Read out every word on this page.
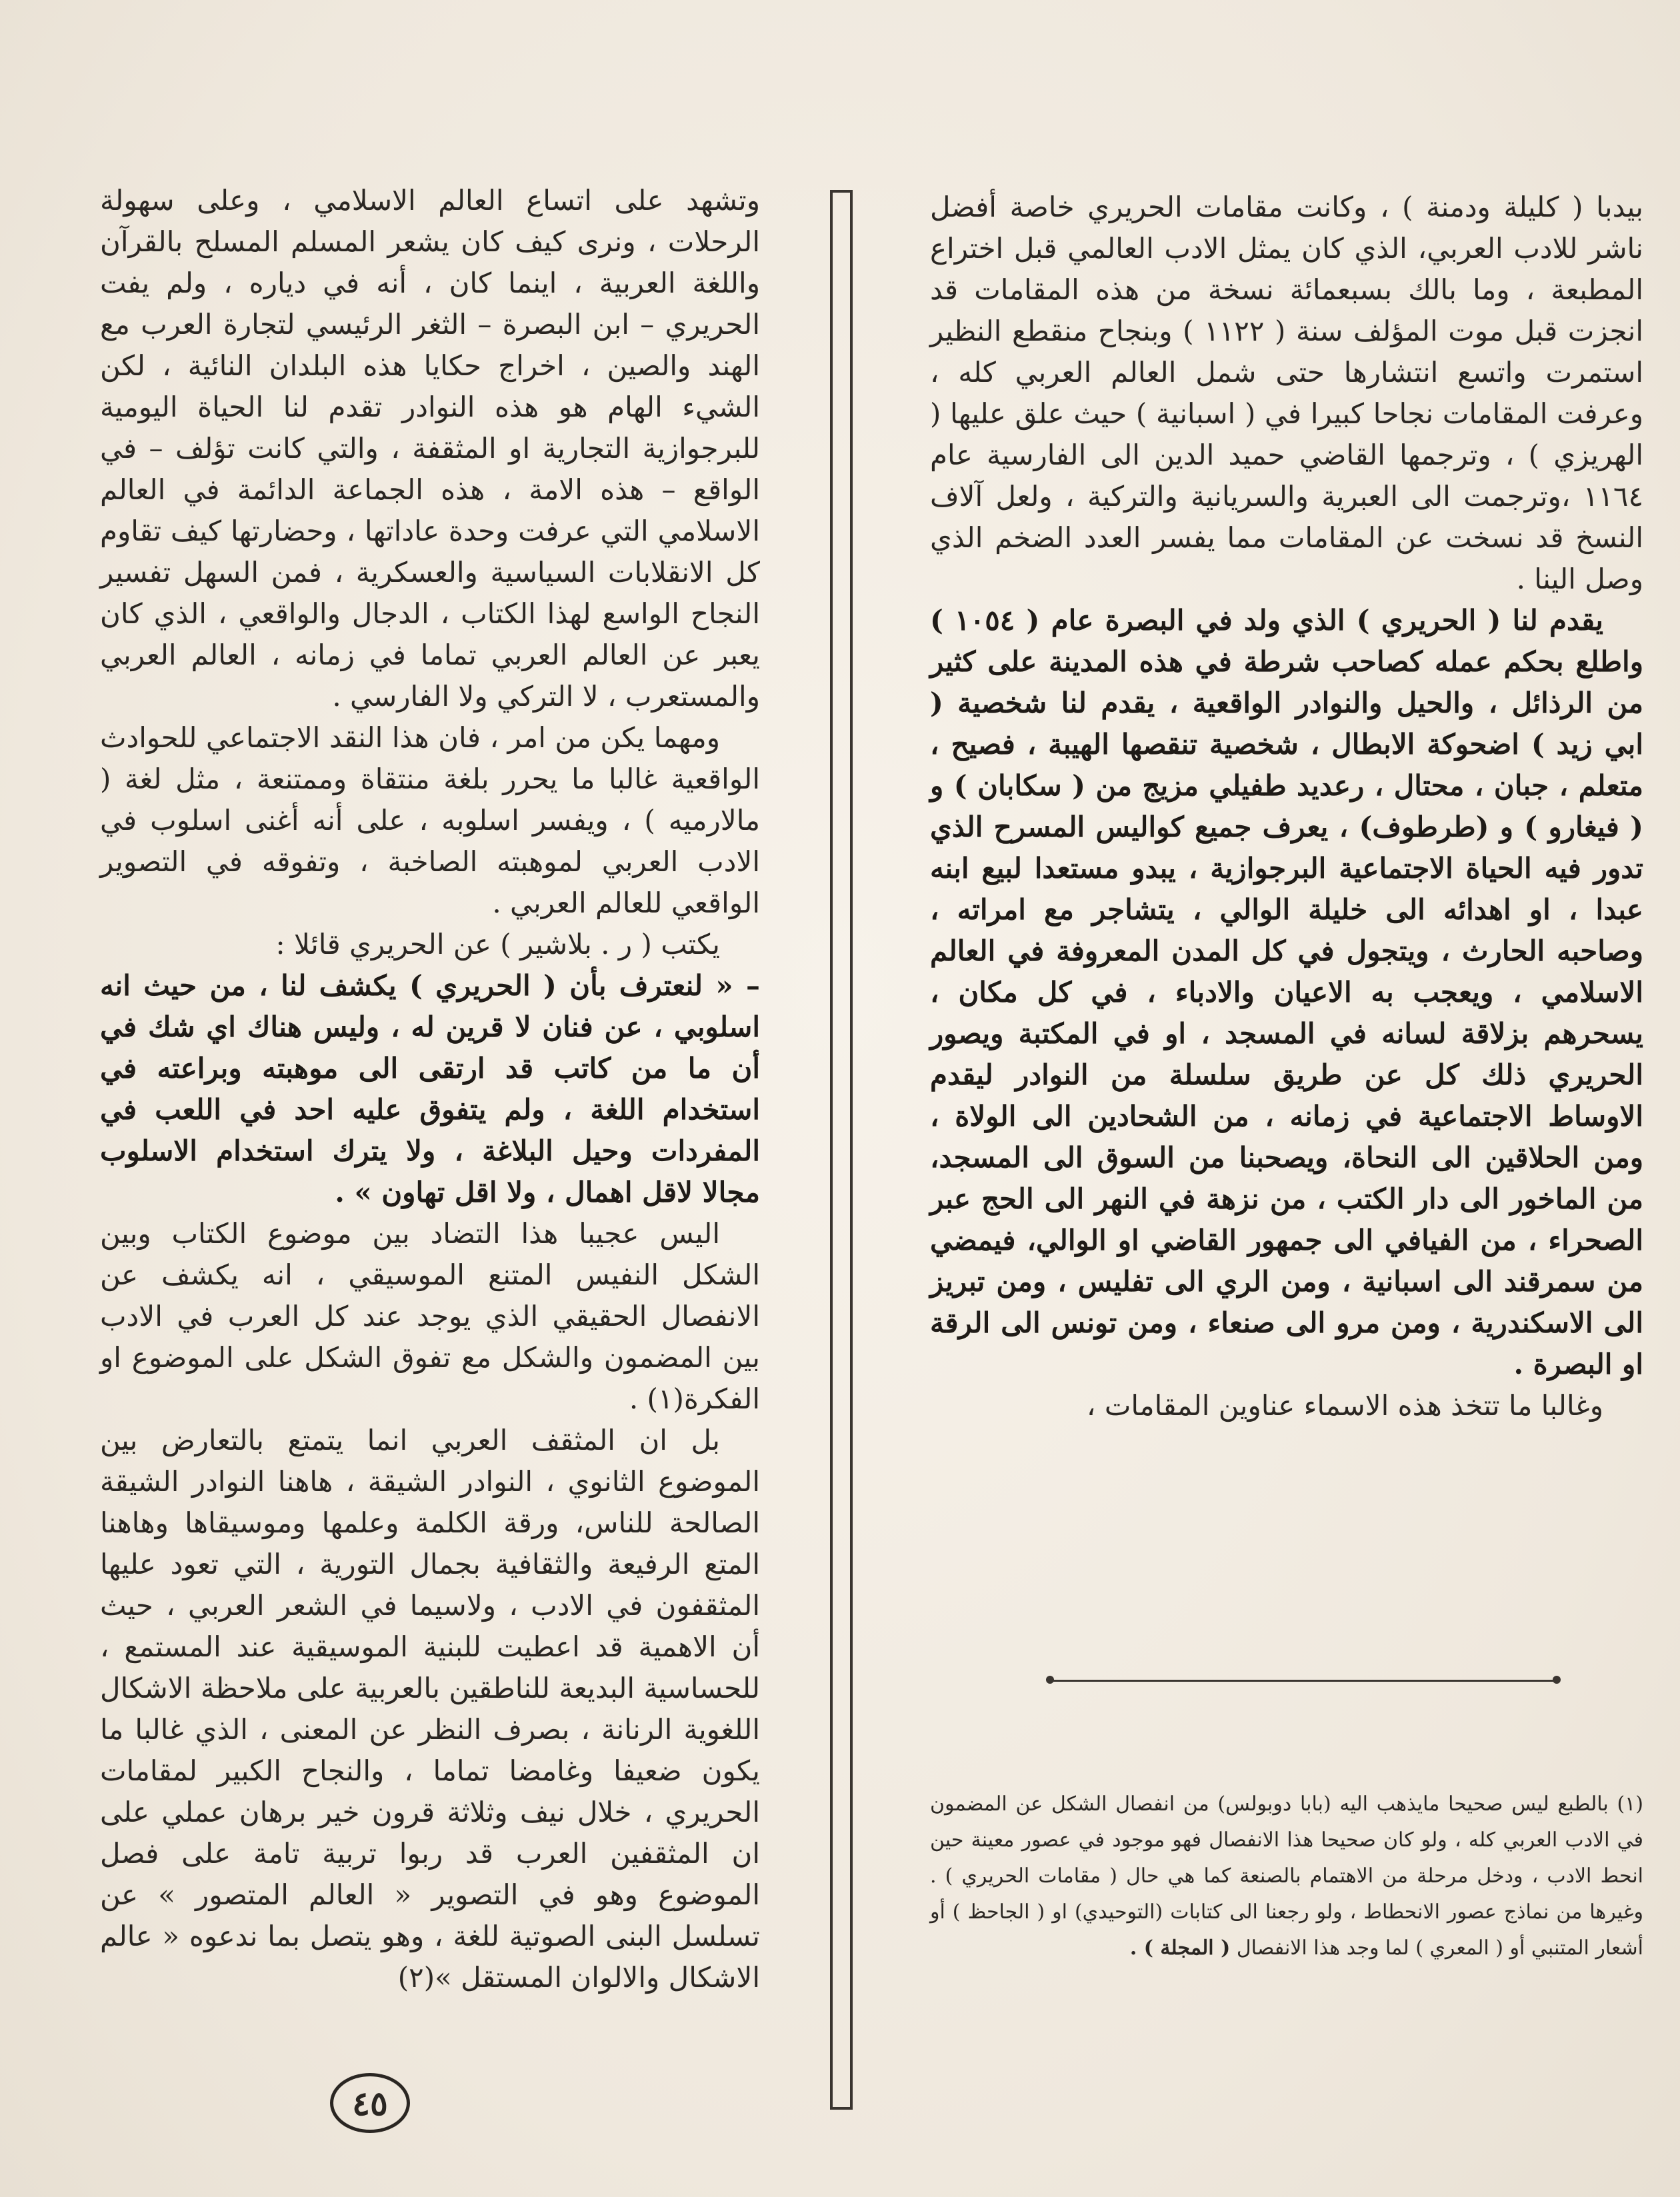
بيدبا ( كليلة ودمنة ) ، وكانت مقامات الحريري خاصة أفضل ناشر للادب العربي، الذي كان يمثل الادب العالمي قبل اختراع المطبعة ، وما بالك بسبعمائة نسخة من هذه المقامات قد انجزت قبل موت المؤلف سنة ( ١١٢٢ ) وبنجاح منقطع النظير استمرت واتسع انتشارها حتى شمل العالم العربي كله ، وعرفت المقامات نجاحا كبيرا في ( اسبانية ) حيث علق عليها ( الهريزي ) ، وترجمها القاضي حميد الدين الى الفارسية عام ١١٦٤ ،وترجمت الى العبرية والسريانية والتركية ، ولعل آلاف النسخ قد نسخت عن المقامات مما يفسر العدد الضخم الذي وصل الينا .

يقدم لنا ( الحريري ) الذي ولد في البصرة عام ( ١٠٥٤ ) واطلع بحكم عمله كصاحب شرطة في هذه المدينة على كثير من الرذائل ، والحيل والنوادر الواقعية ، يقدم لنا شخصية ( ابي زيد ) اضحوكة الابطال ، شخصية تنقصها الهيبة ، فصيح ، متعلم ، جبان ، محتال ، رعديد طفيلي مزيج من ( سكابان ) و ( فيغارو ) و (طرطوف) ، يعرف جميع كواليس المسرح الذي تدور فيه الحياة الاجتماعية البرجوازية ، يبدو مستعدا لبيع ابنه عبدا ، او اهدائه الى خليلة الوالي ، يتشاجر مع امراته ، وصاحبه الحارث ، ويتجول في كل المدن المعروفة في العالم الاسلامي ، ويعجب به الاعيان والادباء ، في كل مكان ، يسحرهم بزلاقة لسانه في المسجد ، او في المكتبة ويصور الحريري ذلك كل عن طريق سلسلة من النوادر ليقدم الاوساط الاجتماعية في زمانه ، من الشحادين الى الولاة ، ومن الحلاقين الى النحاة، ويصحبنا من السوق الى المسجد، من الماخور الى دار الكتب ، من نزهة في النهر الى الحج عبر الصحراء ، من الفيافي الى جمهور القاضي او الوالي، فيمضي من سمرقند الى اسبانية ، ومن الري الى تفليس ، ومن تبريز الى الاسكندرية ، ومن مرو الى صنعاء ، ومن تونس الى الرقة او البصرة .

وغالبا ما تتخذ هذه الاسماء عناوين المقامات ،

وتشهد على اتساع العالم الاسلامي ، وعلى سهولة الرحلات ، ونرى كيف كان يشعر المسلم المسلح بالقرآن واللغة العربية ، اينما كان ، أنه في دياره ، ولم يفت الحريري – ابن البصرة – الثغر الرئيسي لتجارة العرب مع الهند والصين ، اخراج حكايا هذه البلدان النائية ، لكن الشيء الهام هو هذه النوادر تقدم لنا الحياة اليومية للبرجوازية التجارية او المثقفة ، والتي كانت تؤلف – في الواقع – هذه الامة ، هذه الجماعة الدائمة في العالم الاسلامي التي عرفت وحدة عاداتها ، وحضارتها كيف تقاوم كل الانقلابات السياسية والعسكرية ، فمن السهل تفسير النجاح الواسع لهذا الكتاب ، الدجال والواقعي ، الذي كان يعبر عن العالم العربي تماما في زمانه ، العالم العربي والمستعرب ، لا التركي ولا الفارسي .

ومهما يكن من امر ، فان هذا النقد الاجتماعي للحوادث الواقعية غالبا ما يحرر بلغة منتقاة وممتنعة ، مثل لغة ( مالارميه ) ، ويفسر اسلوبه ، على أنه أغنى اسلوب في الادب العربي لموهبته الصاخبة ، وتفوقه في التصوير الواقعي للعالم العربي .

يكتب ( ر . بلاشير ) عن الحريري قائلا :

– « لنعترف بأن ( الحريري ) يكشف لنا ، من حيث انه اسلوبي ، عن فنان لا قرين له ، وليس هناك اي شك في أن ما من كاتب قد ارتقى الى موهبته وبراعته في استخدام اللغة ، ولم يتفوق عليه احد في اللعب في المفردات وحيل البلاغة ، ولا يترك استخدام الاسلوب مجالا لاقل اهمال ، ولا اقل تهاون » .

اليس عجيبا هذا التضاد بين موضوع الكتاب وبين الشكل النفيس المتنع الموسيقي ، انه يكشف عن الانفصال الحقيقي الذي يوجد عند كل العرب في الادب بين المضمون والشكل مع تفوق الشكل على الموضوع او الفكرة(١) .

بل ان المثقف العربي انما يتمتع بالتعارض بين الموضوع الثانوي ، النوادر الشيقة ، هاهنا النوادر الشيقة الصالحة للناس، ورقة الكلمة وعلمها وموسيقاها وهاهنا المتع الرفيعة والثقافية بجمال التورية ، التي تعود عليها المثقفون في الادب ، ولاسيما في الشعر العربي ، حيث أن الاهمية قد اعطيت للبنية الموسيقية عند المستمع ، للحساسية البديعة للناطقين بالعربية على ملاحظة الاشكال اللغوية الرنانة ، بصرف النظر عن المعنى ، الذي غالبا ما يكون ضعيفا وغامضا تماما ، والنجاح الكبير لمقامات الحريري ، خلال نيف وثلاثة قرون خير برهان عملي على ان المثقفين العرب قد ربوا تربية تامة على فصل الموضوع وهو في التصوير « العالم المتصور » عن تسلسل البنى الصوتية للغة ، وهو يتصل بما ندعوه « عالم الاشكال والالوان المستقل »(٢)

(١) بالطبع ليس صحيحا مايذهب اليه (بابا دوبولس) من انفصال الشكل عن المضمون في الادب العربي كله ، ولو كان صحيحا هذا الانفصال فهو موجود في عصور معينة حين انحط الادب ، ودخل مرحلة من الاهتمام بالصنعة كما هي حال ( مقامات الحريري ) . وغيرها من نماذج عصور الانحطاط ، ولو رجعنا الى كتابات (التوحيدي) او ( الجاحظ ) أو أشعار المتنبي أو ( المعري ) لما وجد هذا الانفصال ( المجلة ) .
٤٥
